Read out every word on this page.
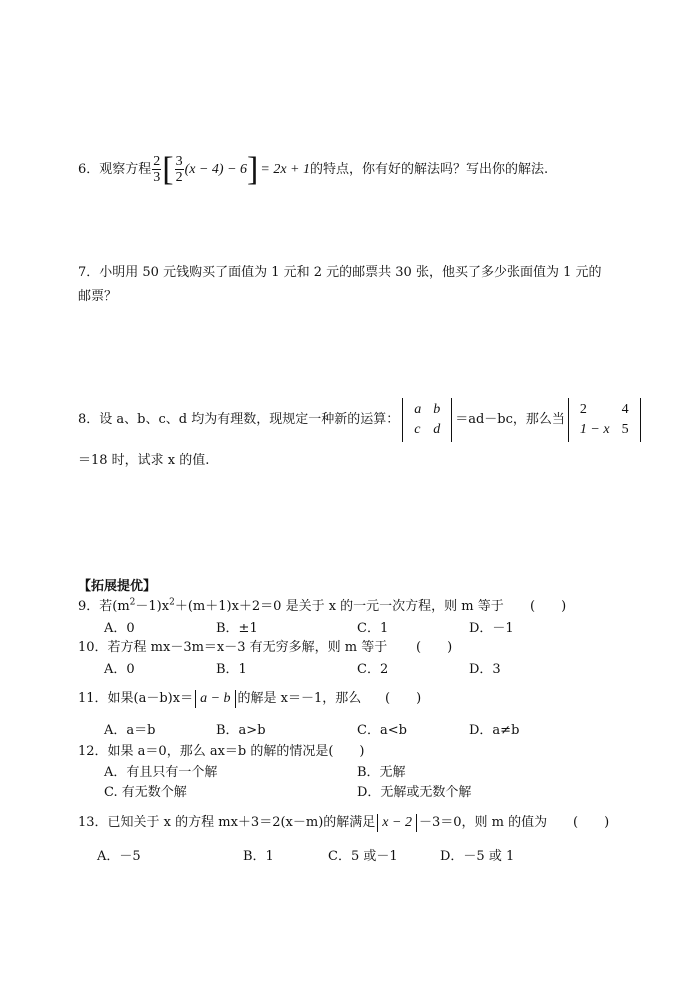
6．观察方程 $\frac{2}{3}$ [ $\frac{3}{2} (x - 4) - 6] = 2x + 1$的特点，你有好的解法吗？写出你的解法.
7．小明用 50 元钱购买了面值为 1 元和 2 元的邮票共 30 张，他买了多少张面值为 1 元的
邮票？
8．设 a、b、c、d 均为有理数，现规定一种新的运算：
a	b
c	d
＝ad－bc，那么当
2	4
1 − x	5
＝18 时，试求 x 的值.
【拓展提优】
9．若$(m^2-1)x^2+(m+1)x+2=0$ 是关于 x 的一元一次方程，则 m 等于 (　　)
A．0	B．±1	C．1	D．－1
10．若方程 mx－3m＝x－3 有无穷多解，则 m 等于 (　　)
A．0	B．1	C．2	D．3
11．如果(a－b)x＝ a − b 的解是 x＝－1，那么 (　　)
A．a＝b	B．a>b	C．a<b	D．a≠b
12．如果 a＝0，那么 ax＝b 的解的情况是(　　)
A．有且只有一个解	B．无解
C. 有无数个解	D．无解或无数个解
13．已知关于 x 的方程 mx＋3＝2(x－m)的解满足 x − 2 －3＝0，则 m 的值为 (　　)
A．－5	B．1	C．5 或－1	D．－5 或 1
